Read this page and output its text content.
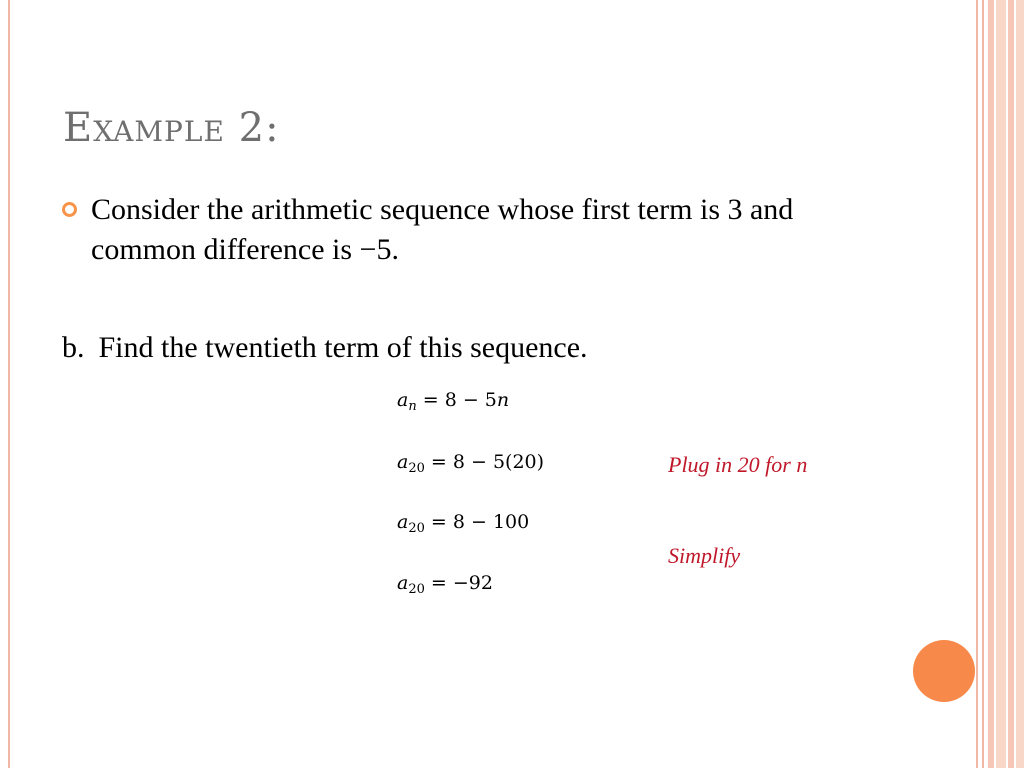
Example 2:
Consider the arithmetic sequence whose first term is 3 and common difference is −5.
b. Find the twentieth term of this sequence.
$a_n = 8 - 5n$
$a_{20} = 8 - 5(20)$
$a_{20} = 8 - 100$
$a_{20} = -92$
Plug in 20 for n
Simplify
